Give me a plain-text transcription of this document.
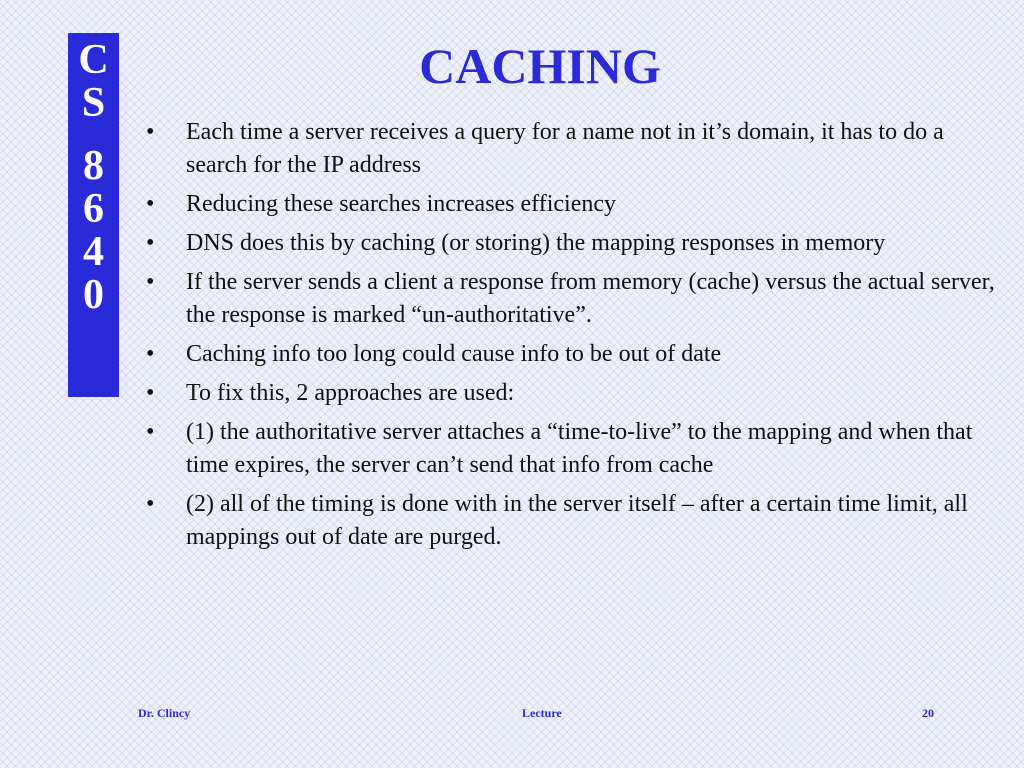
C
S
8
6
4
0
CACHING
•	Each time a server receives a query for a name not in it’s domain, it has to do a search for the IP address
•	Reducing these searches increases efficiency
•	DNS does this by caching (or storing) the mapping responses in memory
•	If the server sends a client a response from memory (cache) versus the actual server, the response is marked “un-authoritative”.
•	Caching info too long could cause info to be out of date
•	To fix this, 2 approaches are used:
•	(1) the authoritative server attaches a “time-to-live” to the mapping and when that time expires, the server can’t send that info from cache
•	(2) all of the timing is done with in the server itself – after a certain time limit, all mappings out of date are purged.
Dr. Clincy	Lecture	20
